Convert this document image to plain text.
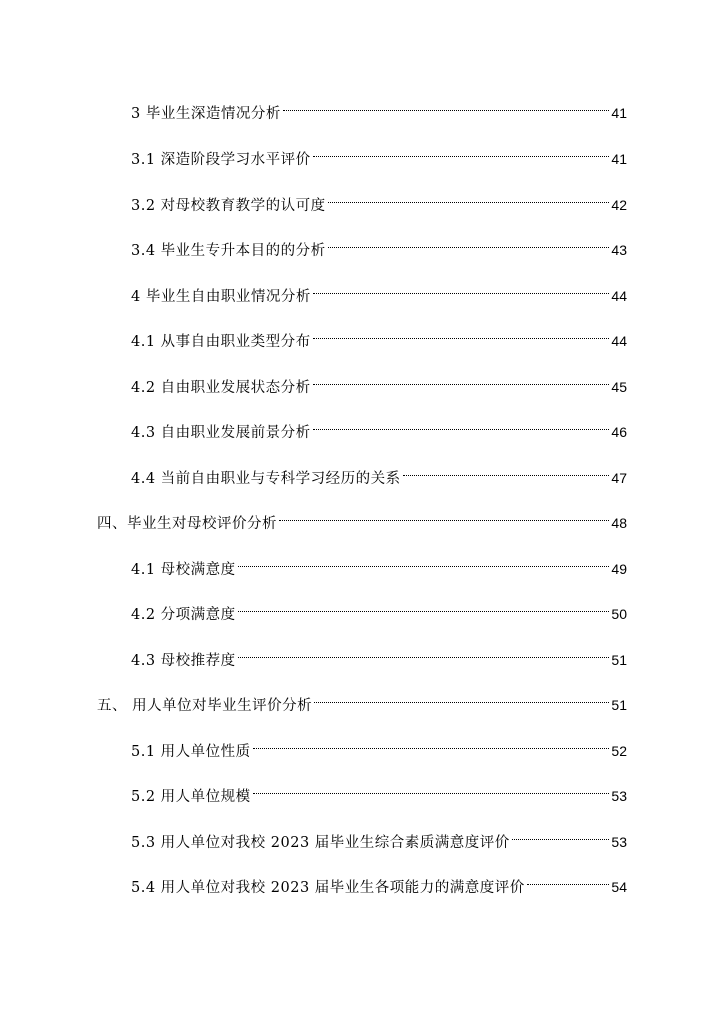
3 毕业生深造情况分析	41
3.1 深造阶段学习水平评价	41
3.2 对母校教育教学的认可度	42
3.4 毕业生专升本目的的分析	43
4 毕业生自由职业情况分析	44
4.1 从事自由职业类型分布	44
4.2 自由职业发展状态分析	45
4.3 自由职业发展前景分析	46
4.4 当前自由职业与专科学习经历的关系	47
四、毕业生对母校评价分析	48
4.1 母校满意度	49
4.2 分项满意度	50
4.3 母校推荐度	51
五、 用人单位对毕业生评价分析	51
5.1 用人单位性质	52
5.2 用人单位规模	53
5.3 用人单位对我校 2023 届毕业生综合素质满意度评价	53
5.4 用人单位对我校 2023 届毕业生各项能力的满意度评价	54
